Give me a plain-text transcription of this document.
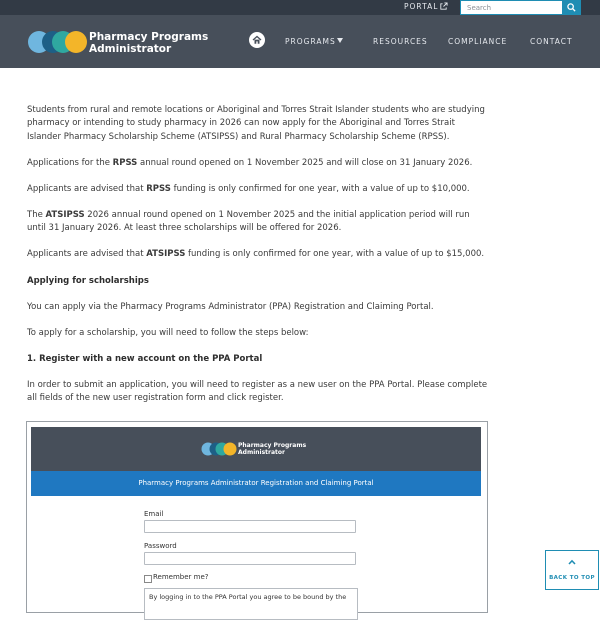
PORTAL
Search
Pharmacy Programs
Administrator
PROGRAMS	RESOURCES	COMPLIANCE	CONTACT

Students from rural and remote locations or Aboriginal and Torres Strait Islander students who are studying pharmacy or intending to study pharmacy in 2026 can now apply for the Aboriginal and Torres Strait Islander Pharmacy Scholarship Scheme (ATSIPSS) and Rural Pharmacy Scholarship Scheme (RPSS).

Applications for the RPSS annual round opened on 1 November 2025 and will close on 31 January 2026.

Applicants are advised that RPSS funding is only confirmed for one year, with a value of up to $10,000.

The ATSIPSS 2026 annual round opened on 1 November 2025 and the initial application period will run until 31 January 2026. At least three scholarships will be offered for 2026.

Applicants are advised that ATSIPSS funding is only confirmed for one year, with a value of up to $15,000.

Applying for scholarships

You can apply via the Pharmacy Programs Administrator (PPA) Registration and Claiming Portal.

To apply for a scholarship, you will need to follow the steps below:

1. Register with a new account on the PPA Portal

In order to submit an application, you will need to register as a new user on the PPA Portal. Please complete all fields of the new user registration form and click register.

Pharmacy Programs
Administrator
Pharmacy Programs Administrator Registration and Claiming Portal
Email
Password
Remember me?
By logging in to the PPA Portal you agree to be bound by the
BACK TO TOP
